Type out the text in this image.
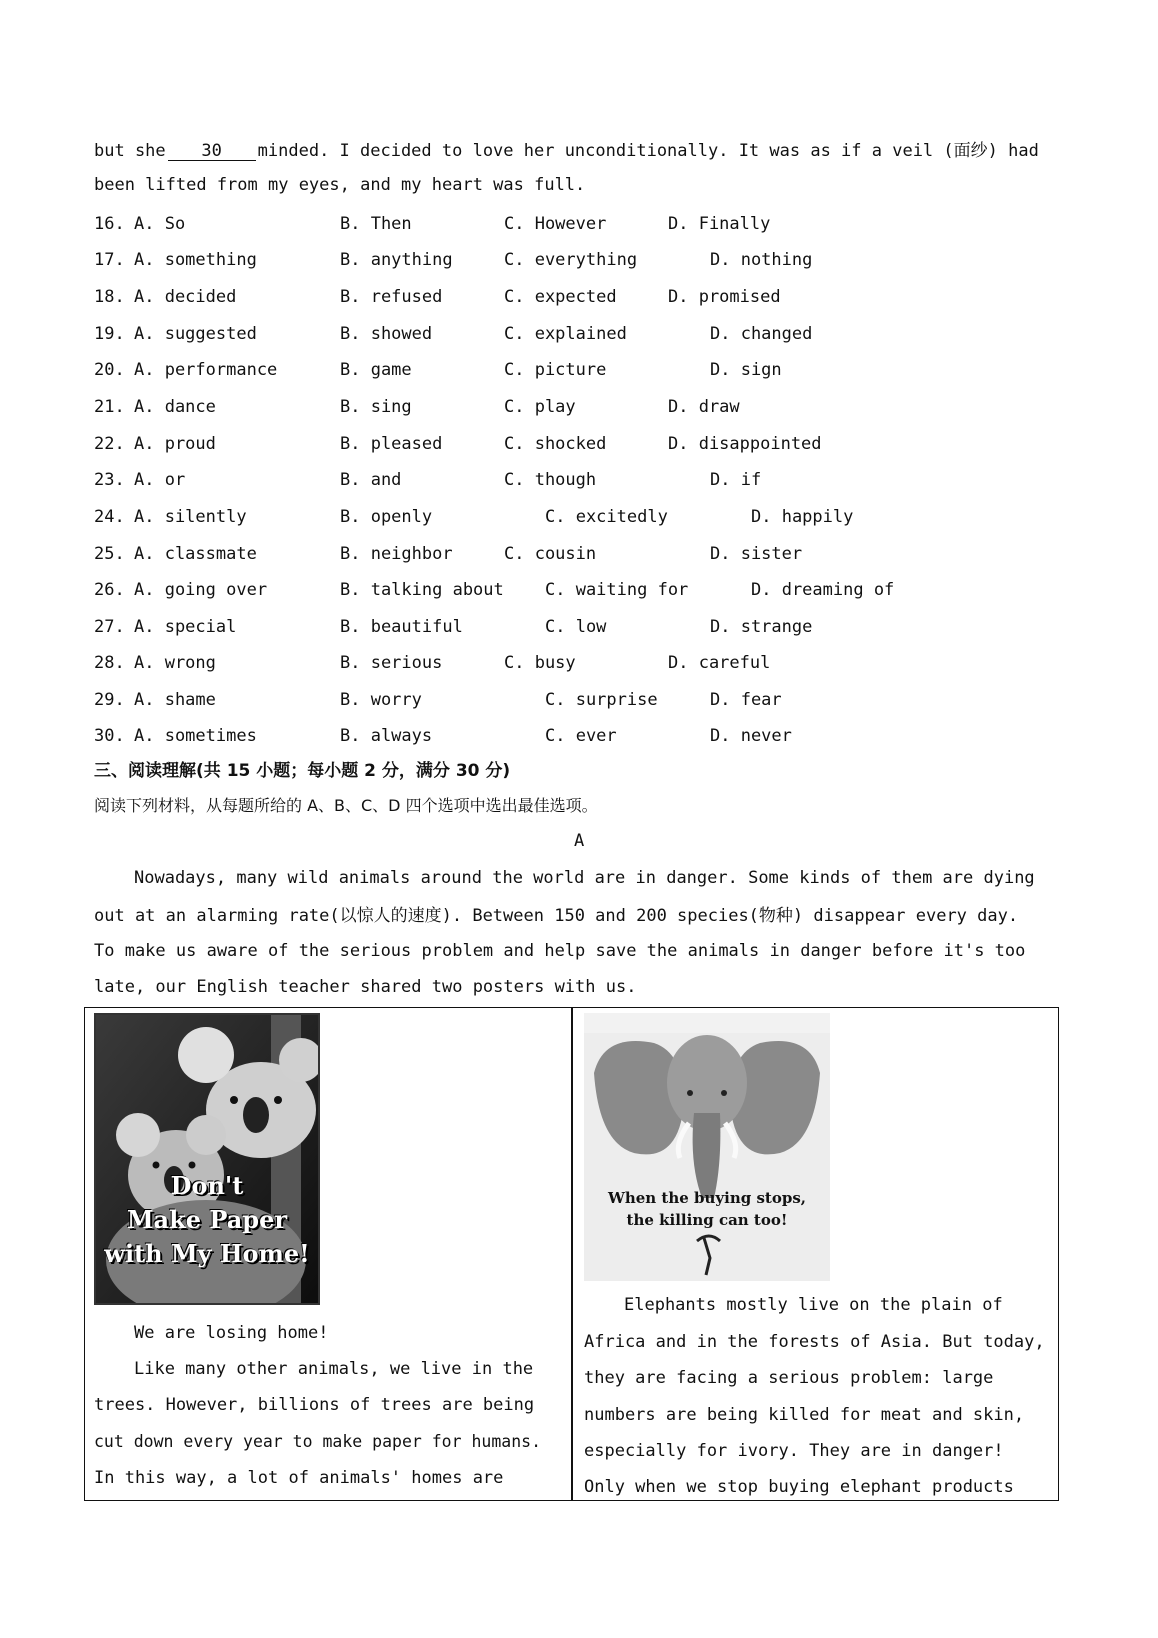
but she 30 minded. I decided to love her unconditionally. It was as if a veil (面纱) had
been lifted from my eyes, and my heart was full.
16. A. So	B. Then	C. However	D. Finally
17. A. something	B. anything	C. everything	D. nothing
18. A. decided	B. refused	C. expected	D. promised
19. A. suggested	B. showed	C. explained	D. changed
20. A. performance	B. game	C. picture	D. sign
21. A. dance	B. sing	C. play	D. draw
22. A. proud	B. pleased	C. shocked	D. disappointed
23. A. or	B. and	C. though	D. if
24. A. silently	B. openly	C. excitedly	D. happily
25. A. classmate	B. neighbor	C. cousin	D. sister
26. A. going over	B. talking about C. waiting for	D. dreaming of
27. A. special	B. beautiful	C. low	D. strange
28. A. wrong	B. serious	C. busy	D. careful
29. A. shame	B. worry	C. surprise	D. fear
30. A. sometimes	B. always	C. ever	D. never
三、阅读理解(共 15 小题；每小题 2 分，满分 30 分)
阅读下列材料，从每题所给的 A、B、C、D 四个选项中选出最佳选项。
A
Nowadays, many wild animals around the world are in danger. Some kinds of them are dying
out at an alarming rate(以惊人的速度). Between 150 and 200 species(物种) disappear every day.
To make us aware of the serious problem and help save the animals in danger before it's too
late, our English teacher shared two posters with us.
Don't
Make Paper
with My Home!
When the buying stops,
the killing can too!
We are losing home!
Like many other animals, we live in the
trees. However, billions of trees are being
cut down every year to make paper for humans.
In this way, a lot of animals' homes are
Elephants mostly live on the plain of
Africa and in the forests of Asia. But today,
they are facing a serious problem: large
numbers are being killed for meat and skin,
especially for ivory. They are in danger!
Only when we stop buying elephant products
